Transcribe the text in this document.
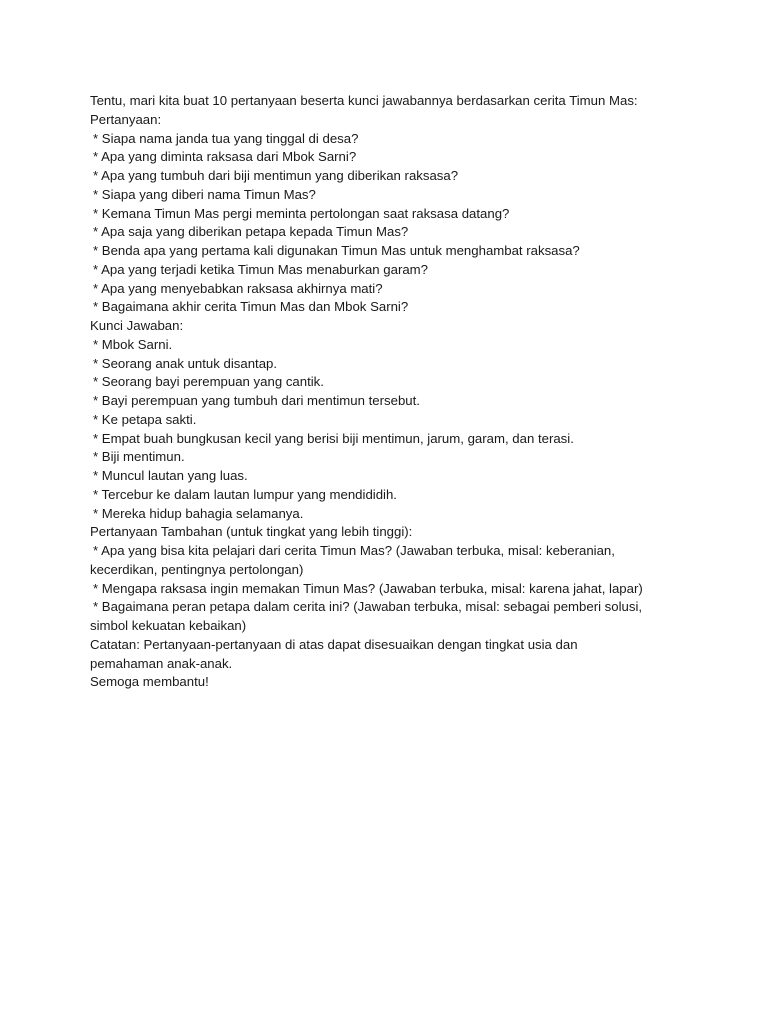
Tentu, mari kita buat 10 pertanyaan beserta kunci jawabannya berdasarkan cerita Timun Mas:
Pertanyaan:
* Siapa nama janda tua yang tinggal di desa?
* Apa yang diminta raksasa dari Mbok Sarni?
* Apa yang tumbuh dari biji mentimun yang diberikan raksasa?
* Siapa yang diberi nama Timun Mas?
* Kemana Timun Mas pergi meminta pertolongan saat raksasa datang?
* Apa saja yang diberikan petapa kepada Timun Mas?
* Benda apa yang pertama kali digunakan Timun Mas untuk menghambat raksasa?
* Apa yang terjadi ketika Timun Mas menaburkan garam?
* Apa yang menyebabkan raksasa akhirnya mati?
* Bagaimana akhir cerita Timun Mas dan Mbok Sarni?
Kunci Jawaban:
* Mbok Sarni.
* Seorang anak untuk disantap.
* Seorang bayi perempuan yang cantik.
* Bayi perempuan yang tumbuh dari mentimun tersebut.
* Ke petapa sakti.
* Empat buah bungkusan kecil yang berisi biji mentimun, jarum, garam, dan terasi.
* Biji mentimun.
* Muncul lautan yang luas.
* Tercebur ke dalam lautan lumpur yang mendididih.
* Mereka hidup bahagia selamanya.
Pertanyaan Tambahan (untuk tingkat yang lebih tinggi):
* Apa yang bisa kita pelajari dari cerita Timun Mas? (Jawaban terbuka, misal: keberanian,
kecerdikan, pentingnya pertolongan)
* Mengapa raksasa ingin memakan Timun Mas? (Jawaban terbuka, misal: karena jahat, lapar)
* Bagaimana peran petapa dalam cerita ini? (Jawaban terbuka, misal: sebagai pemberi solusi,
simbol kekuatan kebaikan)
Catatan: Pertanyaan-pertanyaan di atas dapat disesuaikan dengan tingkat usia dan
pemahaman anak-anak.
Semoga membantu!
